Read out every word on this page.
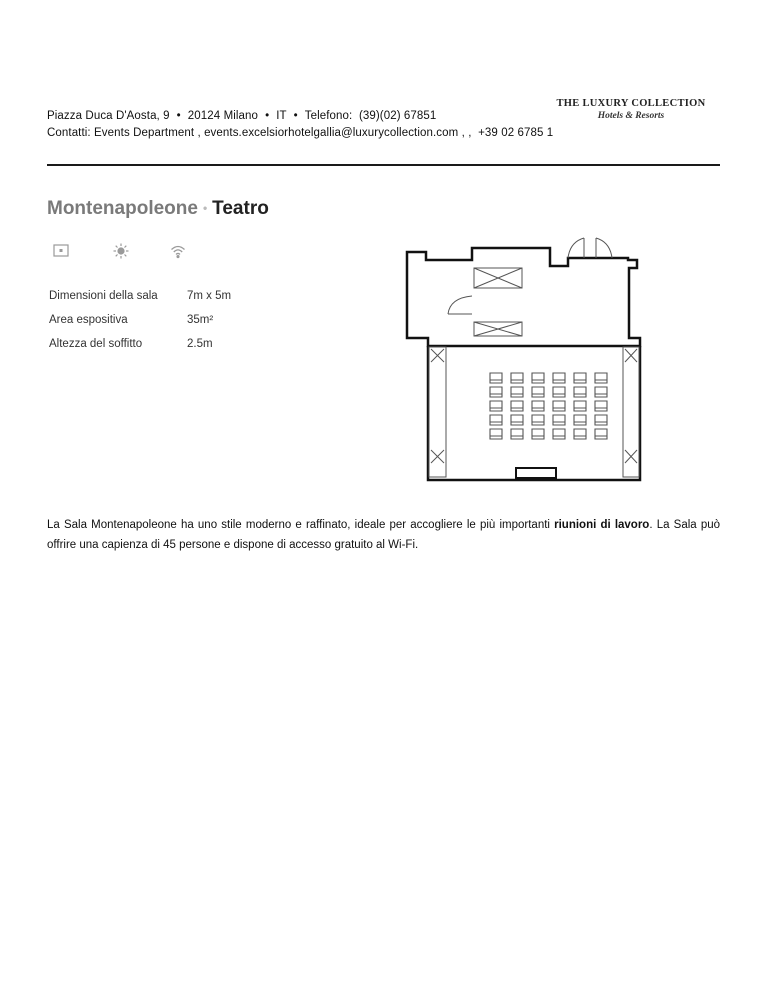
Piazza Duca D'Aosta, 9 • 20124 Milano • IT • Telefono: (39)(02) 67851
Contatti: Events Department , events.excelsiorhotelgallia@luxurycollection.com , ,  +39 02 6785 1
THE LUXURY COLLECTION
Hotels & Resorts
Montenapoleone • Teatro
Dimensioni della sala	7m x 5m
Area espositiva	35m²
Altezza del soffitto	2.5m
La Sala Montenapoleone ha uno stile moderno e raffinato, ideale per accogliere le più importanti riunioni di lavoro. La Sala può offrire una capienza di 45 persone e dispone di accesso gratuito al Wi-Fi.
